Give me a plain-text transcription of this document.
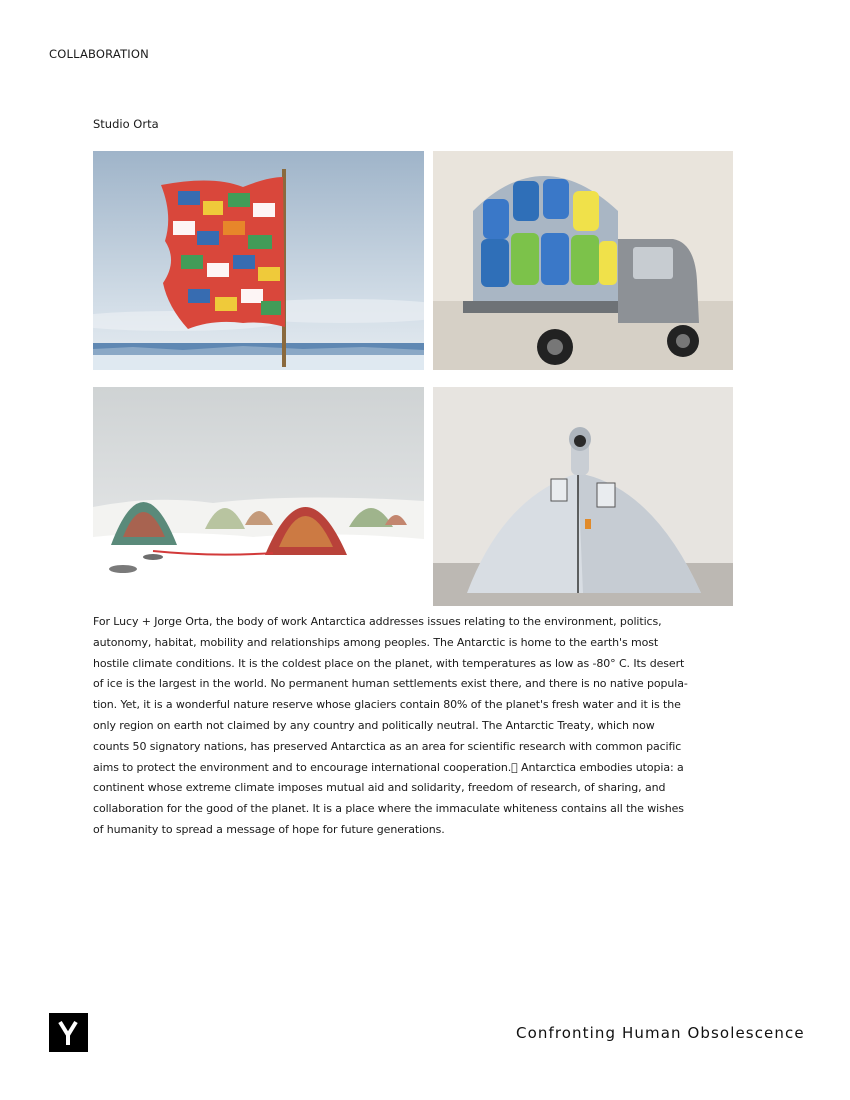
COLLABORATION
Studio Orta
For Lucy + Jorge Orta, the body of work Antarctica addresses issues relating to the environment, politics,
autonomy, habitat, mobility and relationships among peoples. The Antarctic is home to the earth's most
hostile climate conditions. It is the coldest place on the planet, with temperatures as low as -80° C. Its desert
of ice is the largest in the world. No permanent human settlements exist there, and there is no native popula-
tion. Yet, it is a wonderful nature reserve whose glaciers contain 80% of the planet's fresh water and it is the
only region on earth not claimed by any country and politically neutral. The Antarctic Treaty, which now
counts 50 signatory nations, has preserved Antarctica as an area for scientific research with common pacific
aims to protect the environment and to encourage international cooperation.  Antarctica embodies utopia: a
continent whose extreme climate imposes mutual aid and solidarity, freedom of research, of sharing, and
collaboration for the good of the planet. It is a place where the immaculate whiteness contains all the wishes
of humanity to spread a message of hope for future generations.
Confronting Human Obsolescence
